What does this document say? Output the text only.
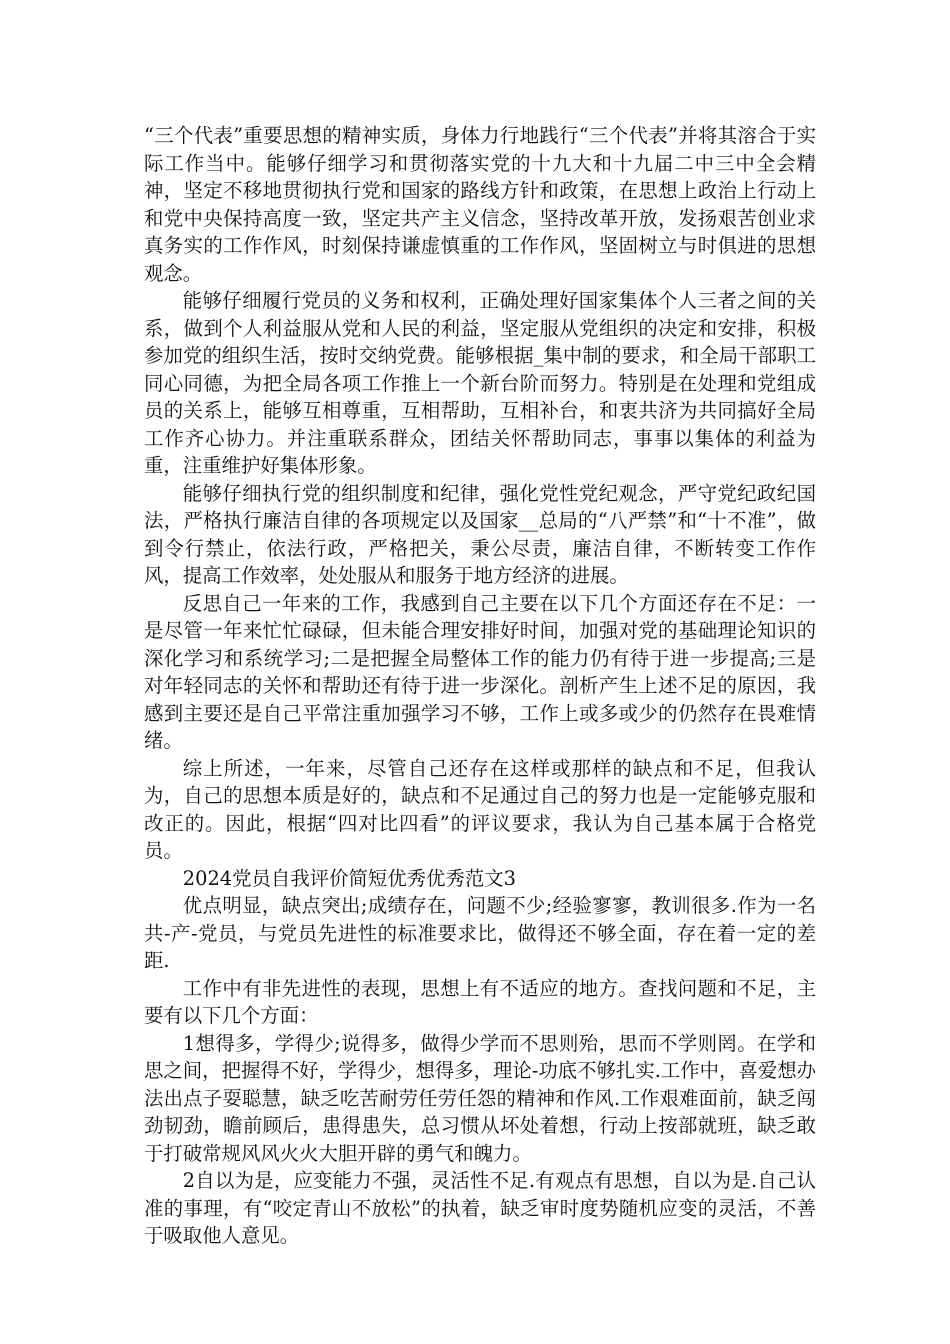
“三个代表”重要思想的精神实质，身体力行地践行“三个代表”并将其溶合于实际工作当中。能够仔细学习和贯彻落实党的十九大和十九届二中三中全会精神，坚定不移地贯彻执行党和国家的路线方针和政策，在思想上政治上行动上和党中央保持高度一致，坚定共产主义信念，坚持改革开放，发扬艰苦创业求真务实的工作作风，时刻保持谦虚慎重的工作作风，坚固树立与时俱进的思想观念。

能够仔细履行党员的义务和权利，正确处理好国家集体个人三者之间的关系，做到个人利益服从党和人民的利益，坚定服从党组织的决定和安排，积极参加党的组织生活，按时交纳党费。能够根据_集中制的要求，和全局干部职工同心同德，为把全局各项工作推上一个新台阶而努力。特别是在处理和党组成员的关系上，能够互相尊重，互相帮助，互相补台，和衷共济为共同搞好全局工作齐心协力。并注重联系群众，团结关怀帮助同志，事事以集体的利益为重，注重维护好集体形象。

能够仔细执行党的组织制度和纪律，强化党性党纪观念，严守党纪政纪国法，严格执行廉洁自律的各项规定以及国家__总局的“八严禁”和“十不准”，做到令行禁止，依法行政，严格把关，秉公尽责，廉洁自律，不断转变工作作风，提高工作效率，处处服从和服务于地方经济的进展。

反思自己一年来的工作，我感到自己主要在以下几个方面还存在不足：一是尽管一年来忙忙碌碌，但未能合理安排好时间，加强对党的基础理论知识的深化学习和系统学习;二是把握全局整体工作的能力仍有待于进一步提高;三是对年轻同志的关怀和帮助还有待于进一步深化。剖析产生上述不足的原因，我感到主要还是自己平常注重加强学习不够，工作上或多或少的仍然存在畏难情绪。

综上所述，一年来，尽管自己还存在这样或那样的缺点和不足，但我认为，自己的思想本质是好的，缺点和不足通过自己的努力也是一定能够克服和改正的。因此，根据“四对比四看”的评议要求，我认为自己基本属于合格党员。

2024党员自我评价简短优秀优秀范文3

优点明显，缺点突出;成绩存在，问题不少;经验寥寥，教训很多.作为一名共-产-党员，与党员先进性的标准要求比，做得还不够全面，存在着一定的差距.

工作中有非先进性的表现，思想上有不适应的地方。查找问题和不足，主要有以下几个方面：

1想得多，学得少;说得多，做得少学而不思则殆，思而不学则罔。在学和思之间，把握得不好，学得少，想得多，理论-功底不够扎实.工作中，喜爱想办法出点子耍聪慧，缺乏吃苦耐劳任劳任怨的精神和作风.工作艰难面前，缺乏闯劲韧劲，瞻前顾后，患得患失，总习惯从坏处着想，行动上按部就班，缺乏敢于打破常规风风火火大胆开辟的勇气和魄力。

2自以为是，应变能力不强，灵活性不足.有观点有思想，自以为是.自己认准的事理，有“咬定青山不放松”的执着，缺乏审时度势随机应变的灵活，不善于吸取他人意见。
